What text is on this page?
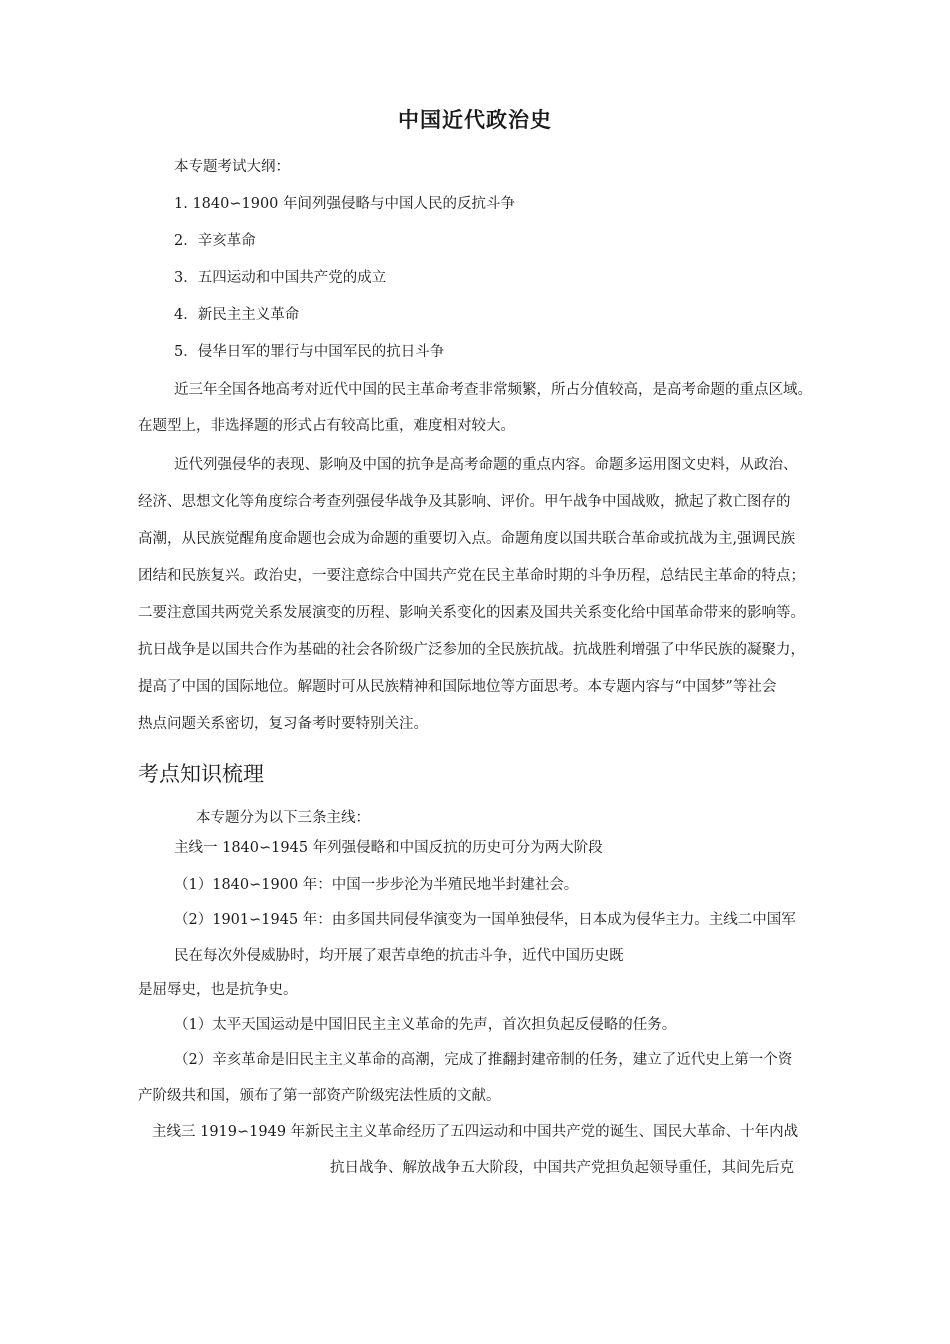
中国近代政治史
本专题考试大纲：
1. 1840∽1900 年间列强侵略与中国人民的反抗斗争
2．辛亥革命
3．五四运动和中国共产党的成立
4．新民主主义革命
5．侵华日军的罪行与中国军民的抗日斗争
近三年全国各地高考对近代中国的民主革命考查非常频繁，所占分值较高，是高考命题的重点区域。
在题型上，非选择题的形式占有较高比重，难度相对较大。
近代列强侵华的表现、影响及中国的抗争是高考命题的重点内容。命题多运用图文史料，从政治、
经济、思想文化等角度综合考查列强侵华战争及其影响、评价。甲午战争中国战败，掀起了救亡图存的
高潮，从民族觉醒角度命题也会成为命题的重要切入点。命题角度以国共联合革命或抗战为主,强调民族
团结和民族复兴。政治史，一要注意综合中国共产党在民主革命时期的斗争历程，总结民主革命的特点；
二要注意国共两党关系发展演变的历程、影响关系变化的因素及国共关系变化给中国革命带来的影响等。
抗日战争是以国共合作为基础的社会各阶级广泛参加的全民族抗战。抗战胜利增强了中华民族的凝聚力，
提高了中国的国际地位。解题时可从民族精神和国际地位等方面思考。本专题内容与“中国梦”等社会
热点问题关系密切，复习备考时要特别关注。
考点知识梳理
本专题分为以下三条主线：
主线一 1840∽1945 年列强侵略和中国反抗的历史可分为两大阶段
（1）1840∽1900 年：中国一步步沦为半殖民地半封建社会。
（2）1901∽1945 年：由多国共同侵华演变为一国单独侵华，日本成为侵华主力。主线二中国军
民在每次外侵威胁时，均开展了艰苦卓绝的抗击斗争，近代中国历史既
是屈辱史，也是抗争史。
（1）太平天国运动是中国旧民主主义革命的先声，首次担负起反侵略的任务。
（2）辛亥革命是旧民主主义革命的高潮，完成了推翻封建帝制的任务，建立了近代史上第一个资
产阶级共和国，颁布了第一部资产阶级宪法性质的文献。
主线三 1919∽1949 年新民主主义革命经历了五四运动和中国共产党的诞生、国民大革命、十年内战
抗日战争、解放战争五大阶段，中国共产党担负起领导重任，其间先后克
